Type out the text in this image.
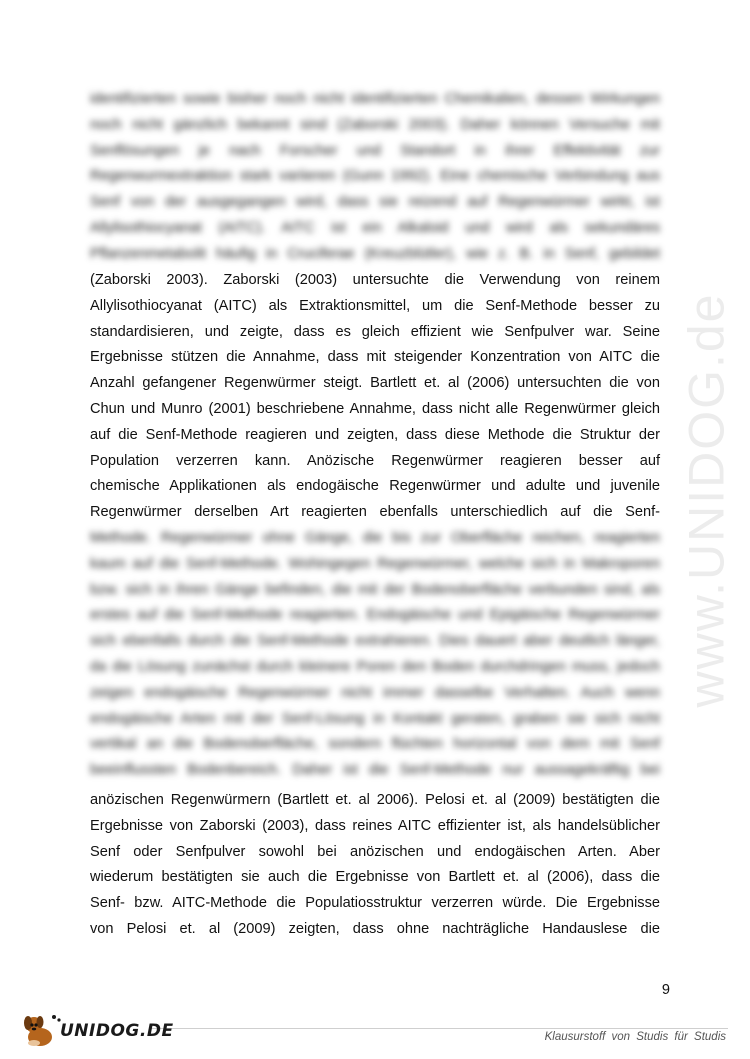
www.UNIDOG.de
identifizierten sowie bisher noch nicht identifizierten Chemikalien, dessen Wirkungen
noch nicht gänzlich bekannt sind (Zaborski 2003). Daher können Versuche mit
Senflösungen je nach Forscher und Standort in ihrer Effektivität zur
Regenwurmextraktion stark variieren (Gunn 1992). Eine chemische Verbindung aus
Senf von der ausgegangen wird, dass sie reizend auf Regenwürmer wirkt, ist
Allylisothiocyanat (AITC). AITC ist ein Alkaloid und wird als sekundäres
Pflanzenmetabolit häufig in Cruciferae (Kreuzblütler), wie z. B. in Senf, gebildet
(Zaborski 2003). Zaborski (2003) untersuchte die Verwendung von reinem
Allylisothiocyanat (AITC) als Extraktionsmittel, um die Senf-Methode besser zu
standardisieren, und zeigte, dass es gleich effizient wie Senfpulver war. Seine
Ergebnisse stützen die Annahme, dass mit steigender Konzentration von AITC die
Anzahl gefangener Regenwürmer steigt. Bartlett et. al (2006) untersuchten die von
Chun und Munro (2001) beschriebene Annahme, dass nicht alle Regenwürmer gleich
auf die Senf-Methode reagieren und zeigten, dass diese Methode die Struktur der
Population verzerren kann. Anözische Regenwürmer reagieren besser auf
chemische Applikationen als endogäische Regenwürmer und adulte und juvenile
Regenwürmer derselben Art reagierten ebenfalls unterschiedlich auf die Senf-
Methode. Regenwürmer ohne Gänge, die bis zur Oberfläche reichen, reagierten
kaum auf die Senf-Methode. Wohingegen Regenwürmer, welche sich in Makroporen
bzw. sich in ihren Gänge befinden, die mit der Bodenoberfläche verbunden sind, als
erstes auf die Senf-Methode reagierten. Endogäische und Epigäische Regenwürmer
sich ebenfalls durch die Senf-Methode extrahieren. Dies dauert aber deutlich länger,
da die Lösung zunächst durch kleinere Poren den Boden durchdringen muss, jedoch
zeigen endogäische Regenwürmer nicht immer dasselbe Verhalten. Auch wenn
endogäische Arten mit der Senf-Lösung in Kontakt geraten, graben sie sich nicht
vertikal an die Bodenoberfläche, sondern flüchten horizontal von dem mit Senf
beeinflussten Bodenbereich. Daher ist die Senf-Methode nur aussagekräftig bei
anözischen Regenwürmern (Bartlett et. al 2006). Pelosi et. al (2009) bestätigten die
Ergebnisse von Zaborski (2003), dass reines AITC effizienter ist, als handelsüblicher
Senf oder Senfpulver sowohl bei anözischen und endogäischen Arten. Aber
wiederum bestätigten sie auch die Ergebnisse von Bartlett et. al (2006), dass die
Senf- bzw. AITC-Methode die Populatiosstruktur verzerren würde. Die Ergebnisse
von Pelosi et. al (2009) zeigten, dass ohne nachträgliche Handauslese die
9
UNIDOG.DE	Klausurstoff von Studis für Studis
